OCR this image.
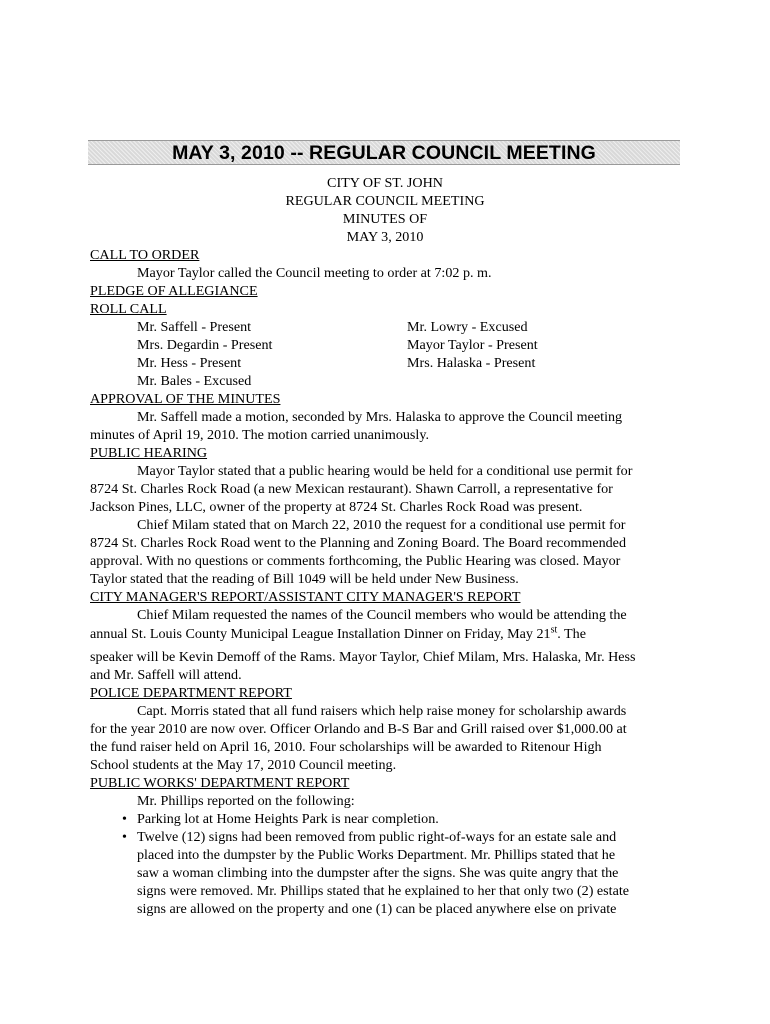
MAY 3, 2010 -- REGULAR COUNCIL MEETING
CITY OF ST. JOHN
REGULAR COUNCIL MEETING
MINUTES OF
MAY 3, 2010
CALL TO ORDER
Mayor Taylor called the Council meeting to order at 7:02 p. m.
PLEDGE OF ALLEGIANCE
ROLL CALL
Mr. Saffell - Present	Mr. Lowry - Excused
Mrs. Degardin - Present	Mayor Taylor - Present
Mr. Hess - Present	Mrs. Halaska - Present
Mr. Bales - Excused
APPROVAL OF THE MINUTES
Mr. Saffell made a motion, seconded by Mrs. Halaska to approve the Council meeting
minutes of April 19, 2010. The motion carried unanimously.
PUBLIC HEARING
Mayor Taylor stated that a public hearing would be held for a conditional use permit for
8724 St. Charles Rock Road (a new Mexican restaurant). Shawn Carroll, a representative for
Jackson Pines, LLC, owner of the property at 8724 St. Charles Rock Road was present.
Chief Milam stated that on March 22, 2010 the request for a conditional use permit for
8724 St. Charles Rock Road went to the Planning and Zoning Board. The Board recommended
approval. With no questions or comments forthcoming, the Public Hearing was closed. Mayor
Taylor stated that the reading of Bill 1049 will be held under New Business.
CITY MANAGER'S REPORT/ASSISTANT CITY MANAGER'S REPORT
Chief Milam requested the names of the Council members who would be attending the
annual St. Louis County Municipal League Installation Dinner on Friday, May 21st. The
speaker will be Kevin Demoff of the Rams. Mayor Taylor, Chief Milam, Mrs. Halaska, Mr. Hess
and Mr. Saffell will attend.
POLICE DEPARTMENT REPORT
Capt. Morris stated that all fund raisers which help raise money for scholarship awards
for the year 2010 are now over. Officer Orlando and B-S Bar and Grill raised over $1,000.00 at
the fund raiser held on April 16, 2010. Four scholarships will be awarded to Ritenour High
School students at the May 17, 2010 Council meeting.
PUBLIC WORKS' DEPARTMENT REPORT
Mr. Phillips reported on the following:
• Parking lot at Home Heights Park is near completion.
• Twelve (12) signs had been removed from public right-of-ways for an estate sale and
placed into the dumpster by the Public Works Department. Mr. Phillips stated that he
saw a woman climbing into the dumpster after the signs. She was quite angry that the
signs were removed. Mr. Phillips stated that he explained to her that only two (2) estate
signs are allowed on the property and one (1) can be placed anywhere else on private
